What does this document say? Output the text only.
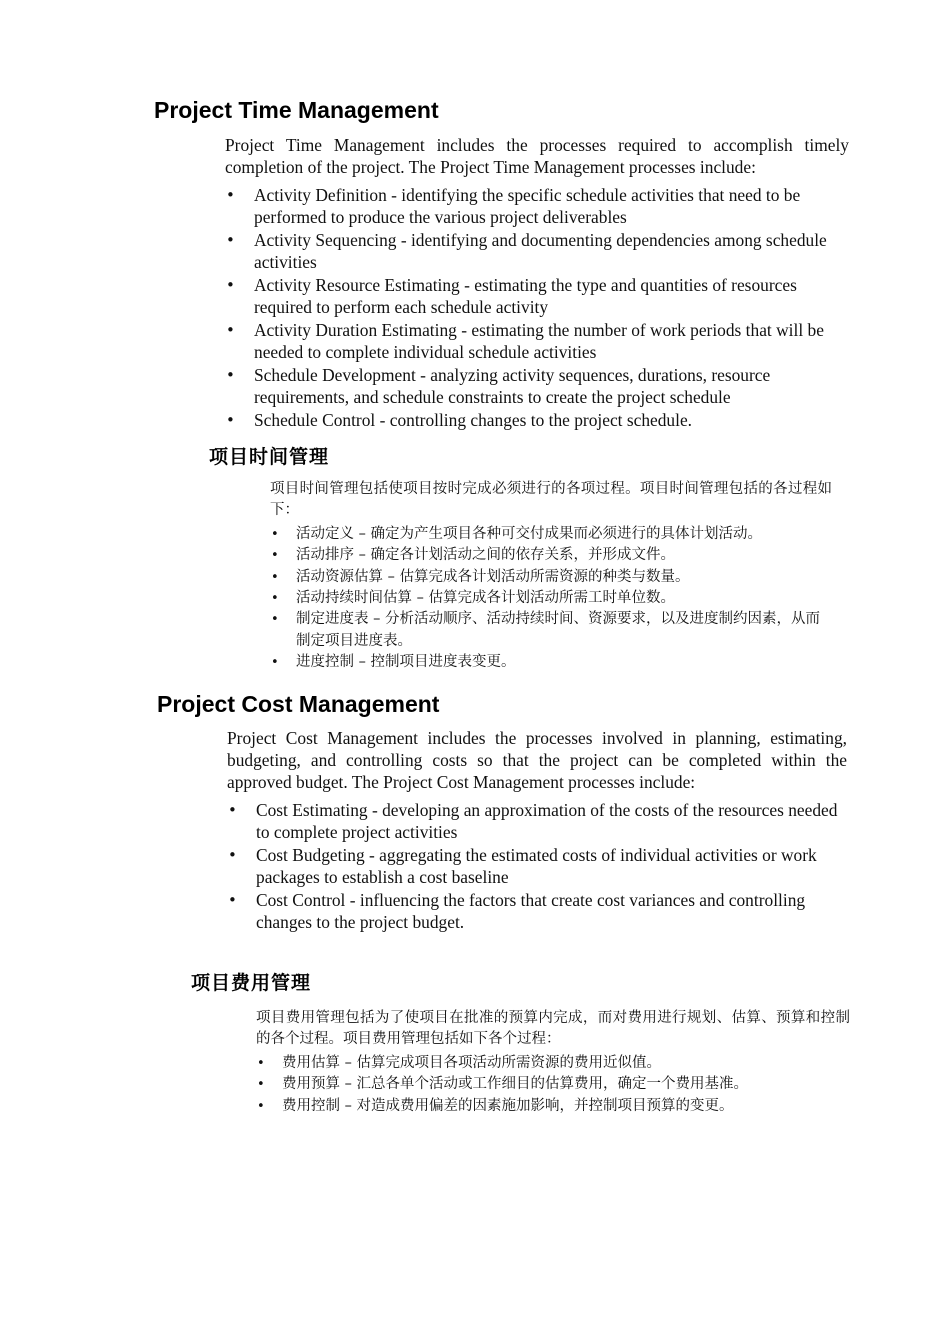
Project Time Management

Project Time Management includes the processes required to accomplish timely completion of the project. The Project Time Management processes include:

• Activity Definition - identifying the specific schedule activities that need to be performed to produce the various project deliverables
• Activity Sequencing - identifying and documenting dependencies among schedule activities
• Activity Resource Estimating - estimating the type and quantities of resources required to perform each schedule activity
• Activity Duration Estimating - estimating the number of work periods that will be needed to complete individual schedule activities
• Schedule Development - analyzing activity sequences, durations, resource requirements, and schedule constraints to create the project schedule
• Schedule Control - controlling changes to the project schedule.
项目时间管理

项目时间管理包括使项目按时完成必须进行的各项过程。项目时间管理包括的各过程如下：

• 活动定义 – 确定为产生项目各种可交付成果而必须进行的具体计划活动。
• 活动排序 – 确定各计划活动之间的依存关系，并形成文件。
• 活动资源估算 – 估算完成各计划活动所需资源的种类与数量。
• 活动持续时间估算 – 估算完成各计划活动所需工时单位数。
• 制定进度表 – 分析活动顺序、活动持续时间、资源要求，以及进度制约因素，从而制定项目进度表。
• 进度控制 – 控制项目进度表变更。
Project Cost Management

Project Cost Management includes the processes involved in planning, estimating, budgeting, and controlling costs so that the project can be completed within the approved budget. The Project Cost Management processes include:

• Cost Estimating - developing an approximation of the costs of the resources needed to complete project activities
• Cost Budgeting - aggregating the estimated costs of individual activities or work packages to establish a cost baseline
• Cost Control - influencing the factors that create cost variances and controlling changes to the project budget.
项目费用管理

项目费用管理包括为了使项目在批准的预算内完成，而对费用进行规划、估算、预算和控制的各个过程。项目费用管理包括如下各个过程：

• 费用估算 – 估算完成项目各项活动所需资源的费用近似值。
• 费用预算 – 汇总各单个活动或工作细目的估算费用，确定一个费用基准。
• 费用控制 – 对造成费用偏差的因素施加影响，并控制项目预算的变更。
